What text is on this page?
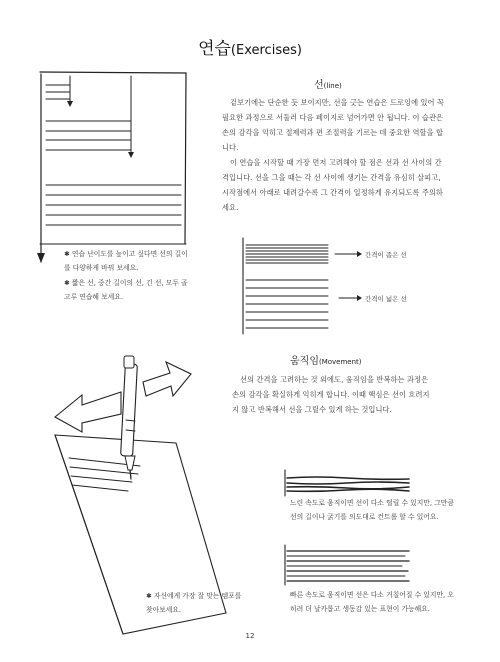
연습(Exercises)
선(line)

겉보기에는 단순한 듯 보이지만, 선을 긋는 연습은 드로잉에 있어 꼭 필요한 과정으로 서둘러 다음 페이지로 넘어가면 안 됩니다. 이 습관은 손의 감각을 익히고 절제력과 편 조절력을 기르는 데 중요한 역할을 합니다.

이 연습을 시작할 때 가장 먼저 고려해야 할 점은 선과 선 사이의 간격입니다. 선을 그을 때는 각 선 사이에 생기는 간격을 유심히 살피고, 시작점에서 아래로 내려갈수록 그 간격이 일정하게 유지되도록 주의하세요.

✱ 연습 난이도를 높이고 싶다면 선의 길이를 다양하게 바꿔 보세요.
✱ 짧은 선, 중간 길이의 선, 긴 선, 모두 골고루 연습해 보세요.
간격이 좁은 선
간격이 넓은 선
움직임(Movement)

선의 간격을 고려하는 것 외에도, 움직임을 반복하는 과정은 손의 감각을 확실하게 익히게 합니다. 이때 핵심은 선이 흐려지지 않고 반복해서 선을 그릴수 있게 하는 것입니다.

느린 속도로 움직이면 선이 다소 떨릴 수 있지만, 그만큼 선의 길이나 굵기를 의도대로 컨트롤 할 수 있어요.
빠른 속도로 움직이면 선은 다소 거칠어질 수 있지만, 오히려 더 날카롭고 생동감 있는 표현이 가능해요.
✱ 자신에게 가장 잘 맞는 템포를 찾아보세요.
12
